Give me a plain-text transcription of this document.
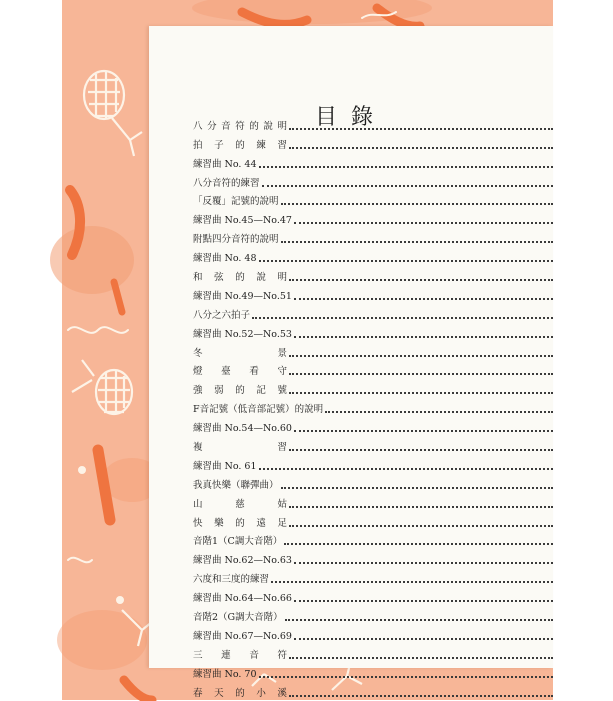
目錄
八 分 音 符 的 說 明
拍 子 的 練 習
練習曲 No. 44
八分音符的練習
「反覆」記號的說明
練習曲 No.45—No.47
附點四分音符的說明
練習曲 No. 48
和 弦 的 說 明
練習曲 No.49—No.51
八分之六拍子
練習曲 No.52—No.53
冬	景
燈 臺 看 守
強 弱 的 記 號
F音記號（低音部記號）的說明
練習曲 No.54—No.60
複	習
練習曲 No. 61
我真快樂（聯彈曲）
山	慈	姑
快 樂 的 遠 足
音階1（C調大音階）
練習曲 No.62—No.63
六度和三度的練習
練習曲 No.64—No.66
音階2（G調大音階）
練習曲 No.67—No.69
三 連 音 符
練習曲 No. 70
春 天 的 小 溪
